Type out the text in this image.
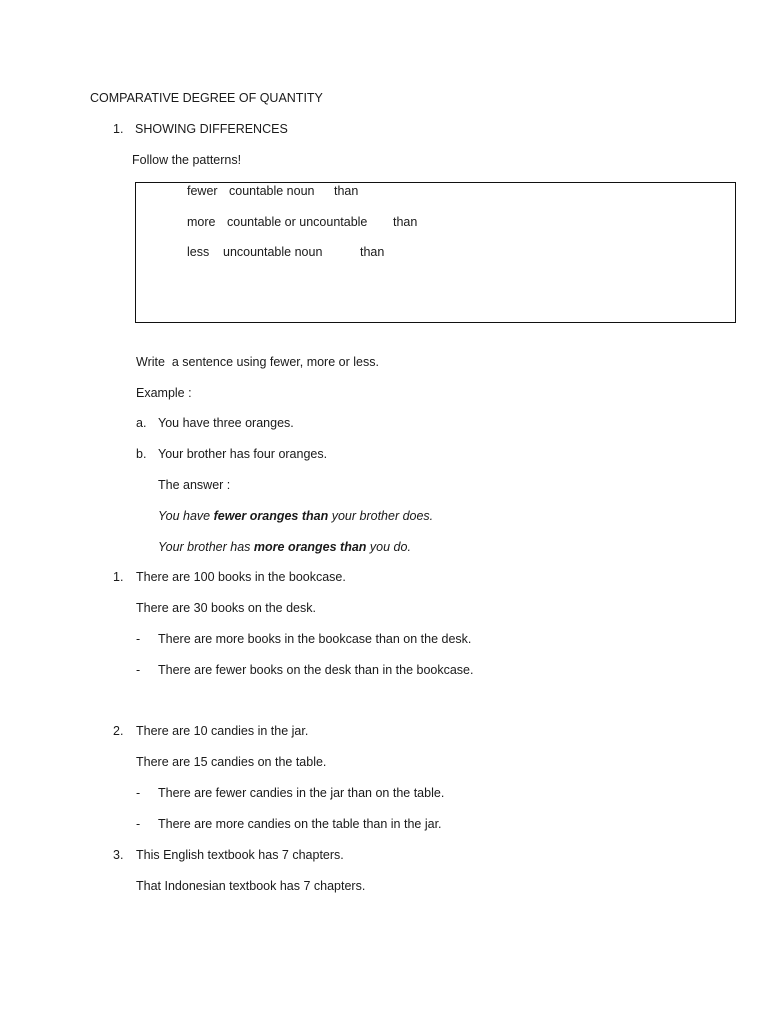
COMPARATIVE DEGREE OF QUANTITY
1. SHOWING DIFFERENCES
Follow the patterns!
fewer countable noun than
more countable or uncountable than
less uncountable noun	than
Write  a sentence using fewer, more or less.
Example :
a. You have three oranges.
b. Your brother has four oranges.
The answer :
You have fewer oranges than your brother does.
Your brother has more oranges than you do.
1. There are 100 books in the bookcase.
There are 30 books on the desk.
- There are more books in the bookcase than on the desk.
- There are fewer books on the desk than in the bookcase.
2. There are 10 candies in the jar.
There are 15 candies on the table.
- There are fewer candies in the jar than on the table.
- There are more candies on the table than in the jar.
3. This English textbook has 7 chapters.
That Indonesian textbook has 7 chapters.
